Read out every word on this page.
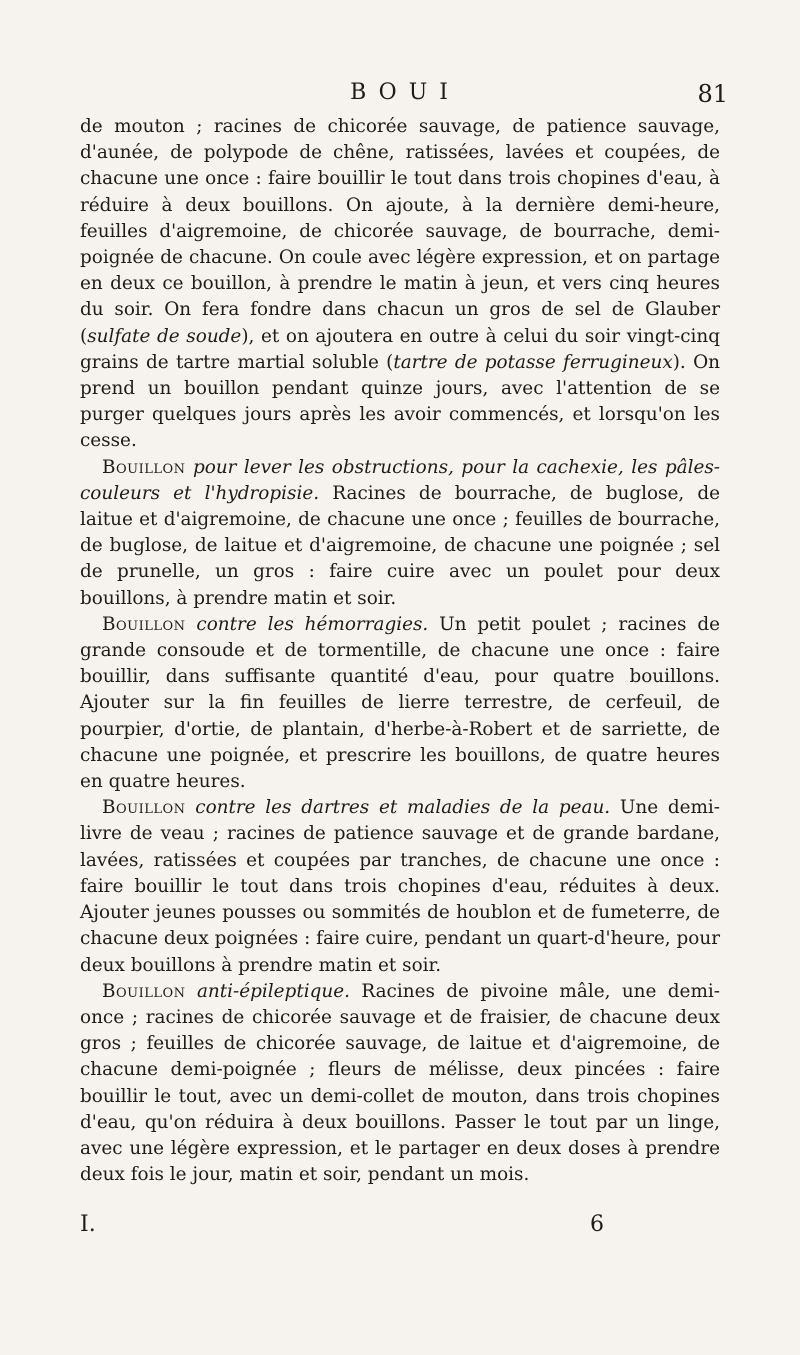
BOUI	81

de mouton ; racines de chicorée sauvage, de patience sauvage, d'aunée, de polypode de chêne, ratissées, lavées et coupées, de chacune une once : faire bouillir le tout dans trois chopines d'eau, à réduire à deux bouillons. On ajoute, à la dernière demi-heure, feuilles d'aigremoine, de chicorée sauvage, de bourrache, demi-poignée de chacune. On coule avec légère expression, et on partage en deux ce bouillon, à prendre le matin à jeun, et vers cinq heures du soir. On fera fondre dans chacun un gros de sel de Glauber (sulfate de soude), et on ajoutera en outre à celui du soir vingt-cinq grains de tartre martial soluble (tartre de potasse ferrugineux). On prend un bouillon pendant quinze jours, avec l'attention de se purger quelques jours après les avoir commencés, et lorsqu'on les cesse.

Bouillon pour lever les obstructions, pour la cachexie, les pâles-couleurs et l'hydropisie. Racines de bourrache, de buglose, de laitue et d'aigremoine, de chacune une once ; feuilles de bourrache, de buglose, de laitue et d'aigremoine, de chacune une poignée ; sel de prunelle, un gros : faire cuire avec un poulet pour deux bouillons, à prendre matin et soir.

Bouillon contre les hémorragies. Un petit poulet ; racines de grande consoude et de tormentille, de chacune une once : faire bouillir, dans suffisante quantité d'eau, pour quatre bouillons. Ajouter sur la fin feuilles de lierre terrestre, de cerfeuil, de pourpier, d'ortie, de plantain, d'herbe-à-Robert et de sarriette, de chacune une poignée, et prescrire les bouillons, de quatre heures en quatre heures.

Bouillon contre les dartres et maladies de la peau. Une demi-livre de veau ; racines de patience sauvage et de grande bardane, lavées, ratissées et coupées par tranches, de chacune une once : faire bouillir le tout dans trois chopines d'eau, réduites à deux. Ajouter jeunes pousses ou sommités de houblon et de fumeterre, de chacune deux poignées : faire cuire, pendant un quart-d'heure, pour deux bouillons à prendre matin et soir.

Bouillon anti-épileptique. Racines de pivoine mâle, une demi-once ; racines de chicorée sauvage et de fraisier, de chacune deux gros ; feuilles de chicorée sauvage, de laitue et d'aigremoine, de chacune demi-poignée ; fleurs de mélisse, deux pincées : faire bouillir le tout, avec un demi-collet de mouton, dans trois chopines d'eau, qu'on réduira à deux bouillons. Passer le tout par un linge, avec une légère expression, et le partager en deux doses à prendre deux fois le jour, matin et soir, pendant un mois.

I.	6
